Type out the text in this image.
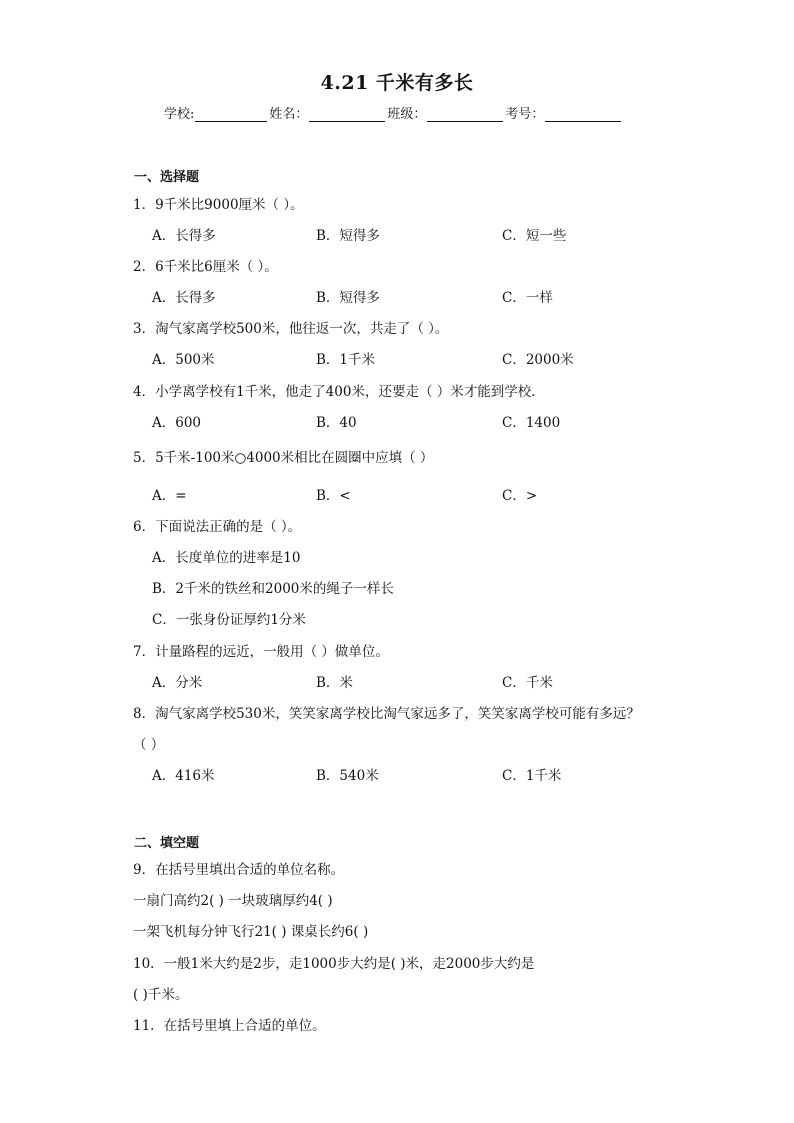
4.21 千米有多长
学校:	姓名：	班级：	考号：
一、选择题
1．9千米比9000厘米（ ）。
A．长得多	B．短得多	C．短一些
2．6千米比6厘米（ ）。
A．长得多	B．短得多	C．一样
3．淘气家离学校500米，他往返一次，共走了（ ）。
A．500米	B．1千米	C．2000米
4．小学离学校有1千米，他走了400米，还要走（ ）米才能到学校．
A．600	B．40	C．1400
5．5千米-100米○4000米相比在圆圈中应填（ ）
A．=	B．<	C．>
6．下面说法正确的是（ ）。
A．长度单位的进率是10
B．2千米的铁丝和2000米的绳子一样长
C．一张身份证厚约1分米
7．计量路程的远近，一般用（ ）做单位。
A．分米	B．米	C．千米
8．淘气家离学校530米，笑笑家离学校比淘气家远多了，笑笑家离学校可能有多远？
（ ）
A．416米	B．540米	C．1千米
二、填空题
9．在括号里填出合适的单位名称。
一扇门高约2( ) 一块玻璃厚约4( )
一架飞机每分钟飞行21( ) 课桌长约6( )
10．一般1米大约是2步，走1000步大约是( )米，走2000步大约是
( )千米。
11．在括号里填上合适的单位。
